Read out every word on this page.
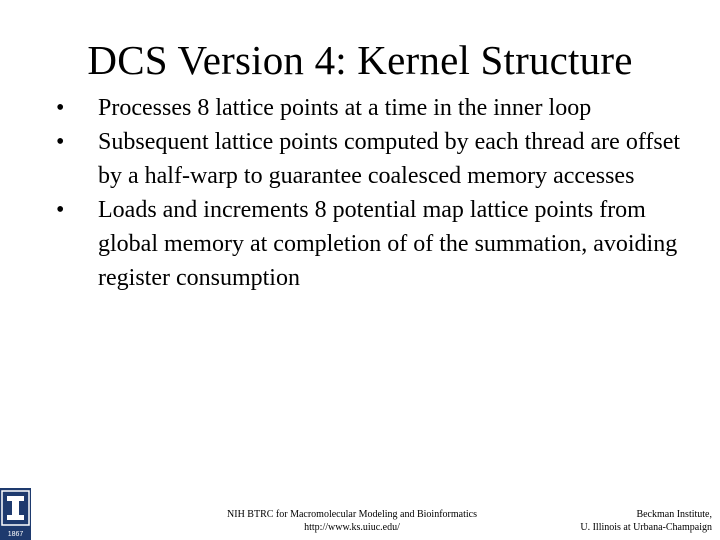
DCS Version 4: Kernel Structure
• Processes 8 lattice points at a time in the inner loop
• Subsequent lattice points computed by each thread are offset by a half-warp to guarantee coalesced memory accesses
• Loads and increments 8 potential map lattice points from global memory at completion of of the summation, avoiding register consumption
1867
NIH BTRC for Macromolecular Modeling and Bioinformatics
http://www.ks.uiuc.edu/
Beckman Institute,
U. Illinois at Urbana-Champaign
